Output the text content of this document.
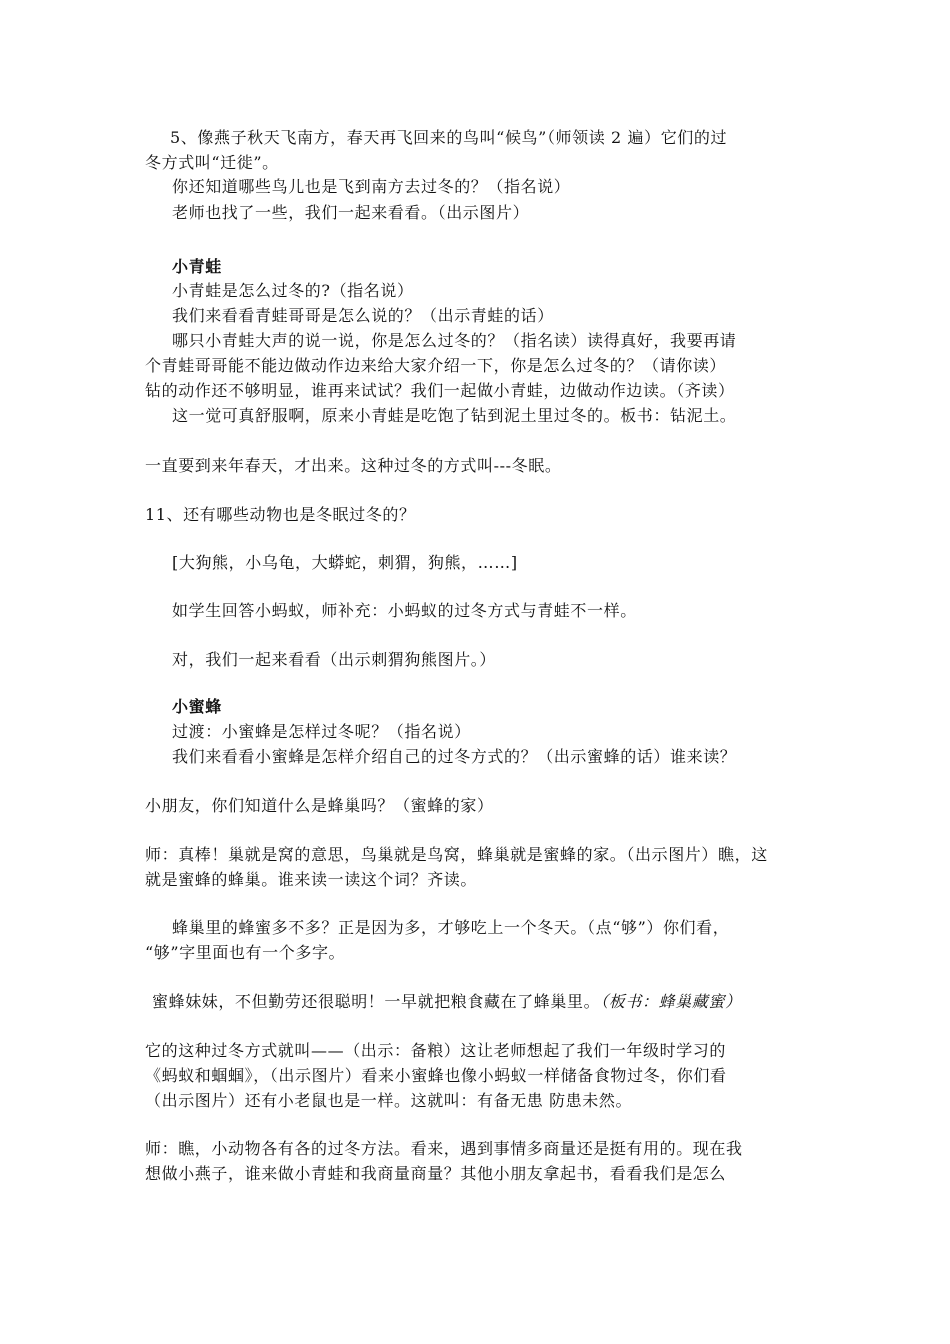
5、像燕子秋天飞南方，春天再飞回来的鸟叫“候鸟”（师领读 2 遍）它们的过
冬方式叫“迁徙”。
你还知道哪些鸟儿也是飞到南方去过冬的？（指名说）
老师也找了一些，我们一起来看看。（出示图片）
小青蛙
小青蛙是怎么过冬的?（指名说）
我们来看看青蛙哥哥是怎么说的？（出示青蛙的话）
哪只小青蛙大声的说一说，你是怎么过冬的？（指名读）读得真好，我要再请
个青蛙哥哥能不能边做动作边来给大家介绍一下，你是怎么过冬的？（请你读）
钻的动作还不够明显，谁再来试试？我们一起做小青蛙，边做动作边读。（齐读）
这一觉可真舒服啊，原来小青蛙是吃饱了钻到泥土里过冬的。板书：钻泥土。
一直要到来年春天，才出来。这种过冬的方式叫---冬眠。
11、还有哪些动物也是冬眠过冬的？
[大狗熊，小乌龟，大蟒蛇，刺猬，狗熊，……]
如学生回答小蚂蚁，师补充：小蚂蚁的过冬方式与青蛙不一样。
对，我们一起来看看（出示刺猬狗熊图片。）
小蜜蜂
过渡：小蜜蜂是怎样过冬呢？（指名说）
我们来看看小蜜蜂是怎样介绍自己的过冬方式的？（出示蜜蜂的话）谁来读？
小朋友，你们知道什么是蜂巢吗？（蜜蜂的家）
师：真棒！巢就是窝的意思，鸟巢就是鸟窝，蜂巢就是蜜蜂的家。（出示图片）瞧，这
就是蜜蜂的蜂巢。谁来读一读这个词？齐读。
蜂巢里的蜂蜜多不多？正是因为多，才够吃上一个冬天。（点“够”）你们看，
“够”字里面也有一个多字。
蜜蜂妹妹，不但勤劳还很聪明！一早就把粮食藏在了蜂巢里。（板书：蜂巢藏蜜）
它的这种过冬方式就叫——（出示：备粮）这让老师想起了我们一年级时学习的
《蚂蚁和蝈蝈》，（出示图片）看来小蜜蜂也像小蚂蚁一样储备食物过冬，你们看
（出示图片）还有小老鼠也是一样。这就叫：有备无患 防患未然。
师：瞧，小动物各有各的过冬方法。看来，遇到事情多商量还是挺有用的。现在我
想做小燕子，谁来做小青蛙和我商量商量？其他小朋友拿起书，看看我们是怎么
